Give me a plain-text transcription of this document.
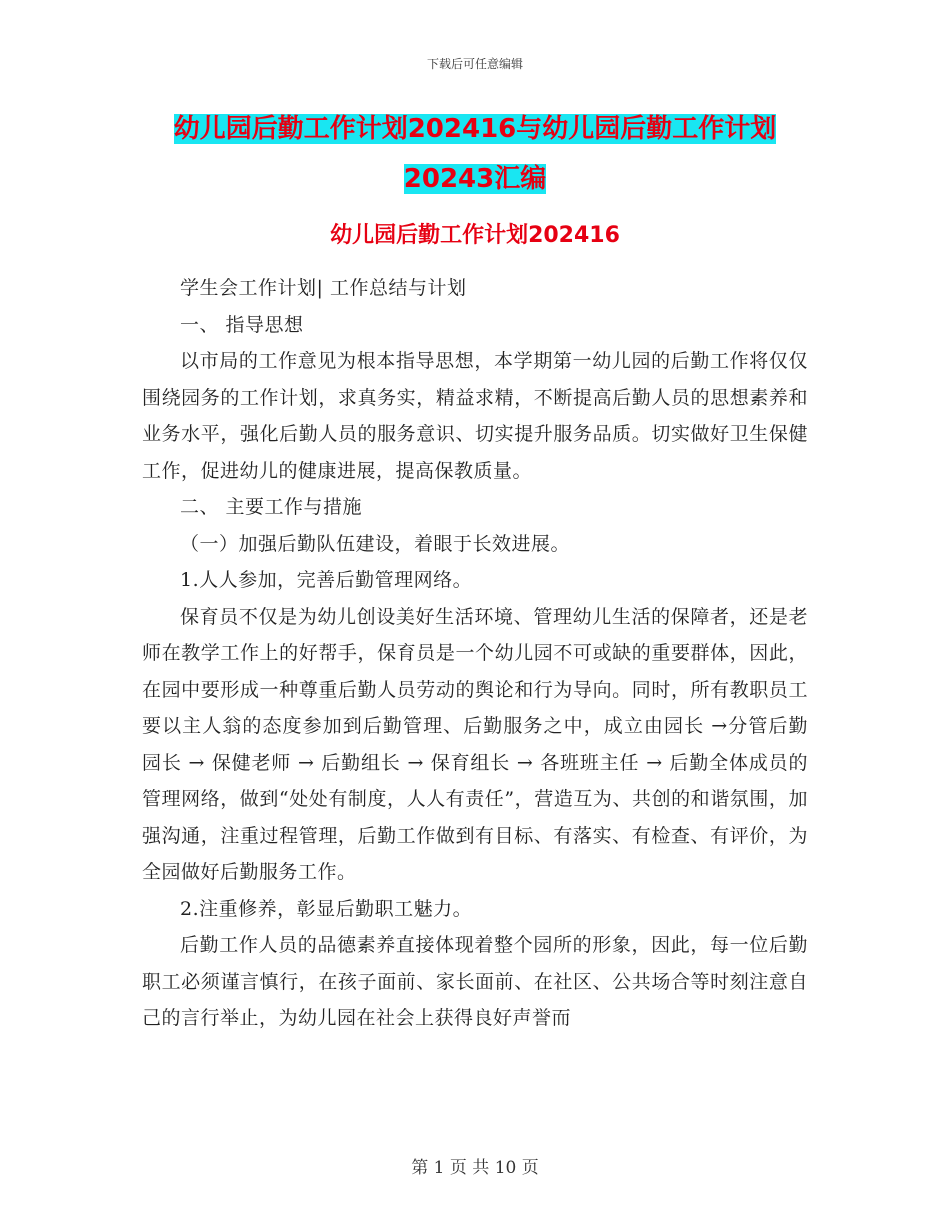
下载后可任意编辑
幼儿园后勤工作计划202416与幼儿园后勤工作计划
20243汇编
幼儿园后勤工作计划202416

学生会工作计划| 工作总结与计划

一、 指导思想

以市局的工作意见为根本指导思想，本学期第一幼儿园的后勤工作将仅仅围绕园务的工作计划，求真务实，精益求精，不断提高后勤人员的思想素养和业务水平，强化后勤人员的服务意识、切实提升服务品质。切实做好卫生保健工作，促进幼儿的健康进展，提高保教质量。

二、 主要工作与措施

（一）加强后勤队伍建设，着眼于长效进展。

1.人人参加，完善后勤管理网络。

保育员不仅是为幼儿创设美好生活环境、管理幼儿生活的保障者，还是老师在教学工作上的好帮手，保育员是一个幼儿园不可或缺的重要群体，因此，在园中要形成一种尊重后勤人员劳动的舆论和行为导向。同时，所有教职员工要以主人翁的态度参加到后勤管理、后勤服务之中，成立由园长 →分管后勤园长 → 保健老师 → 后勤组长 → 保育组长 → 各班班主任 → 后勤全体成员的管理网络，做到“处处有制度，人人有责任”，营造互为、共创的和谐氛围，加强沟通，注重过程管理，后勤工作做到有目标、有落实、有检查、有评价，为全园做好后勤服务工作。

2.注重修养，彰显后勤职工魅力。

后勤工作人员的品德素养直接体现着整个园所的形象，因此，每一位后勤职工必须谨言慎行，在孩子面前、家长面前、在社区、公共场合等时刻注意自己的言行举止，为幼儿园在社会上获得良好声誉而

第 1 页 共 10 页
